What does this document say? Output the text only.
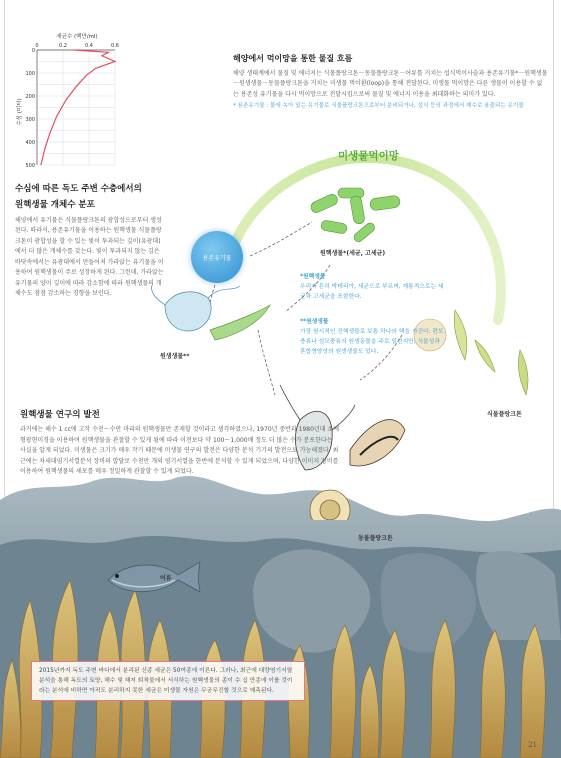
0	0.2	0.4	0.6
0
100
200
300
400
500
세균수 (백만/ml)
수심 (미터)

해양에서 먹이망을 통한 물질 흐름

해양 생태계에서 물질 및 에너지는 식물플랑크톤－동물플랑크톤－어류를 거치는 섭식먹이사슬과 용존유기물*－원핵생물－원생생물－동물플랑크톤을 거치는 미생물 먹이환(loop)을 통해 전달된다. 미생물 먹이망은 다른 생물이 이용할 수 없는 용존성 유기물을 다시 먹이망으로 전달시킴으로써 물질 및 에너지 이용을 최대화하는 의미가 있다.

* 용존유기물 : 물에 녹아 있는 유기물로 식물플랑크톤으로부터 분비되거나, 섭식 등의 과정에서 해수로 용출되는 유기물

수심에 따른 독도 주변 수층에서의

원핵생물 개체수 분포

해양에서 유기물은 식물플랑크톤의 광합성으로부터 생성된다. 따라서, 용존유기물을 이용하는 원핵생물 식물플랑크톤이 광합성을 할 수 있는 빛이 투과되는 깊이(유광대)에서 더 많은 개체수를 갖는다. 빛이 투과되지 않는 깊은 바닷속에서는 유광대에서 만들어져 가라앉는 유기물을 이용하여 원핵생물이 주로 성장하게 된다. 그런데, 가라앉는 유기물의 양이 깊이에 따라 감소함에 따라 원핵생물의 개체수도 점점 감소하는 경향을 보인다.

미생물먹이망
용존유기물
원핵생물*(세균, 고세균)
원생생물**
식물플랑크톤
동물플랑크톤
어류
*원핵생물
우리가 흔히 박테리아, 세균으로 부르며, 계통적으로는 세균과 고세균을 포함한다.
**원생생물
가장 원시적인 진핵생물로 보통 하나의 핵을 가진다. 편모충류나 섬모충류의 원생동물을 주로 일컫지만, 식물성과 혼합영양성의 원생생물도 있다.

원핵생물 연구의 발전

과거에는 해수 1 cc에 고작 수천～수만 마리의 원핵생물만 존재할 것이라고 생각하였으나, 1970년 중반과 1980년대 초에 형광현미경을 이용하여 원핵생물을 관찰할 수 있게 됨에 따라 이전보다 약 100～1,000배 정도 더 많은 수가 분포한다는 사실을 알게 되었다. 미생물은 크기가 매우 작기 때문에 미생물 연구의 발전은 다양한 분석 기기의 발전으로 가능해졌다. 최근에는 차세대염기서열분석 장비의 발달로 수천만 개의 염기서열을 한번에 분석할 수 있게 되었으며, 다양한 이미지 장비를 이용하여 원핵생물의 세포를 매우 정밀하게 관찰할 수 있게 되었다.

2015년까지 독도 주변 바다에서 분리된 신종 세균은 50여종에 이른다. 그러나, 최근에 대량염기서열 분석을 통해 독도의 토양, 해수 및 해저 퇴적물에서 서식하는 원핵생물의 종이 수 십 만종에 이를 것이라는 분석에 비하면 아직도 분리하지 못한 세균은 미생물 자원은 무궁무진할 것으로 예측된다.
21
